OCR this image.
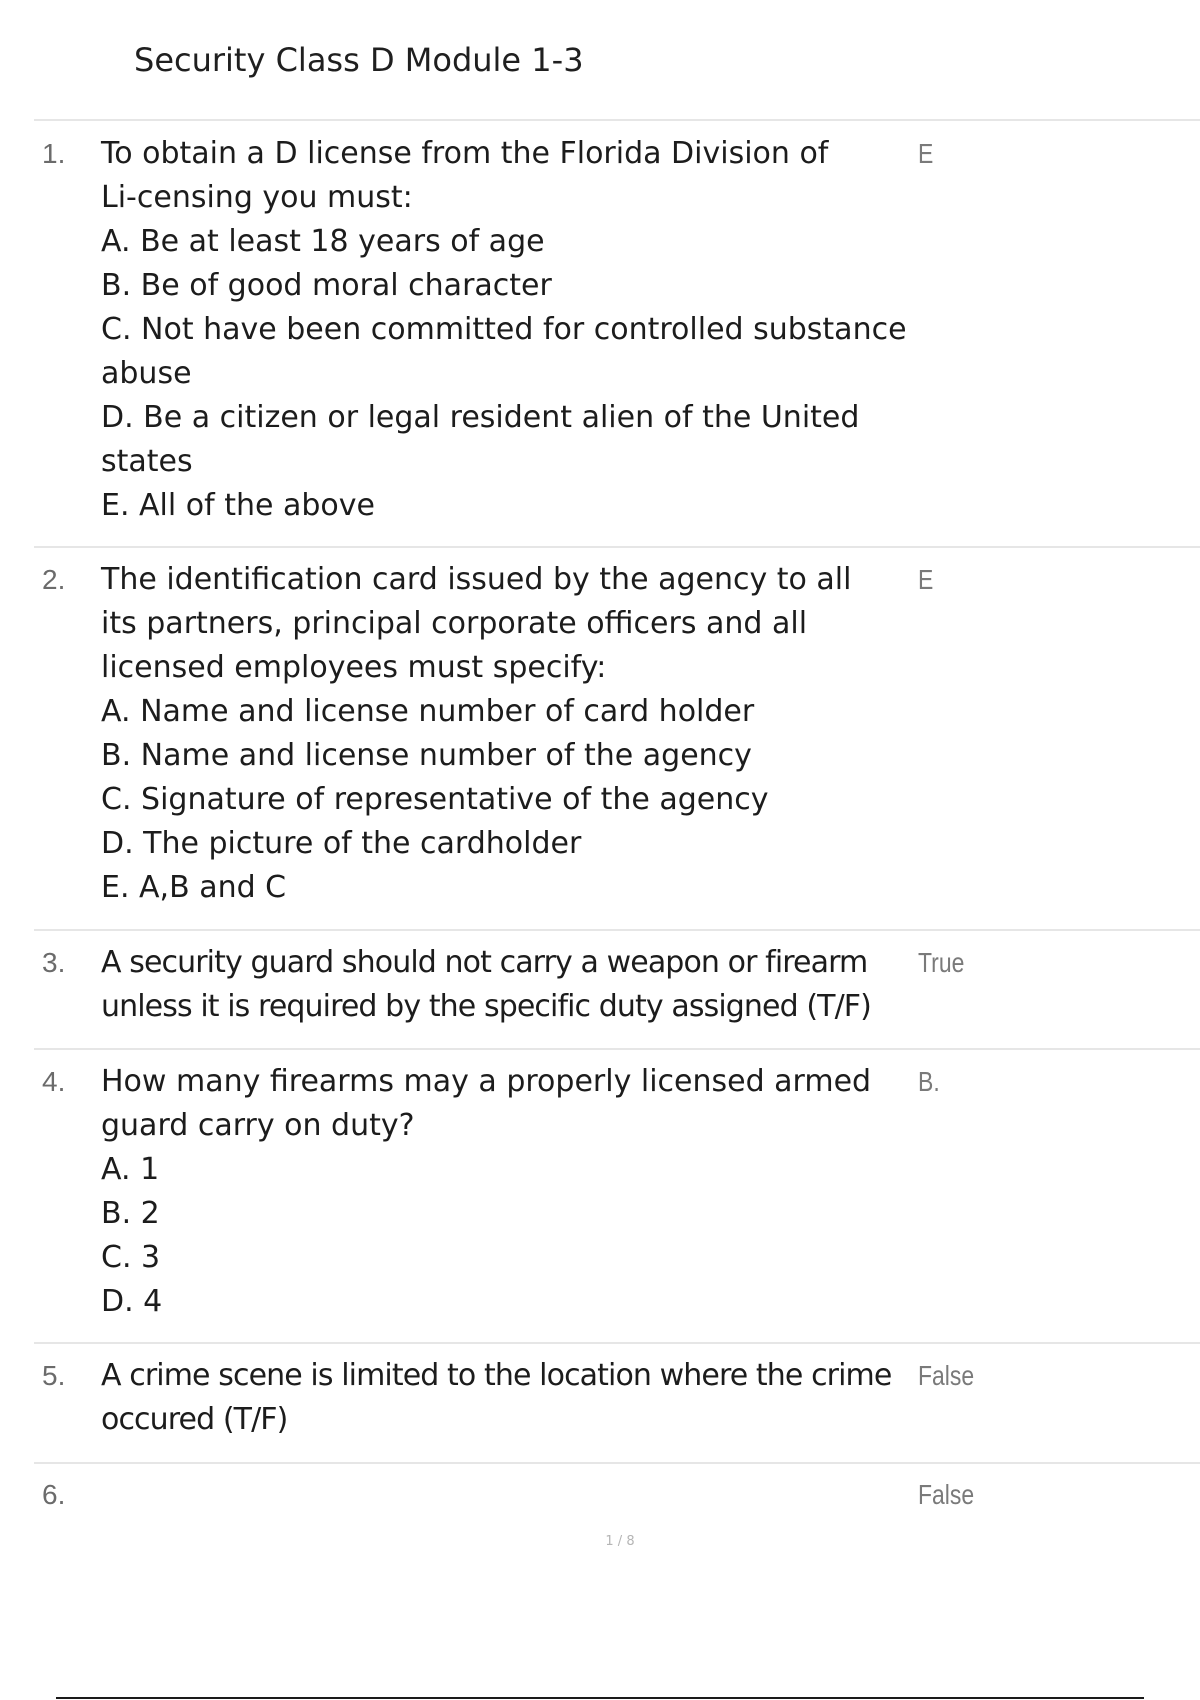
Security Class D Module 1-3
1. To obtain a D license from the Florida Division of Li-censing you must:
A. Be at least 18 years of age
B. Be of good moral character
C. Not have been committed for controlled substance abuse
D. Be a citizen or legal resident alien of the United states
E. All of the above
E
2. The identification card issued by the agency to all its partners, principal corporate officers and all licensed employees must specify:
A. Name and license number of card holder
B. Name and license number of the agency
C. Signature of representative of the agency
D. The picture of the cardholder
E. A,B and C
E
3. A security guard should not carry a weapon or firearm unless it is required by the specific duty assigned (T/F)
True
4. How many firearms may a properly licensed armed guard carry on duty?
A. 1
B. 2
C. 3
D. 4
B.
5. A crime scene is limited to the location where the crime occured (T/F)
False
6.	False
1 / 8
